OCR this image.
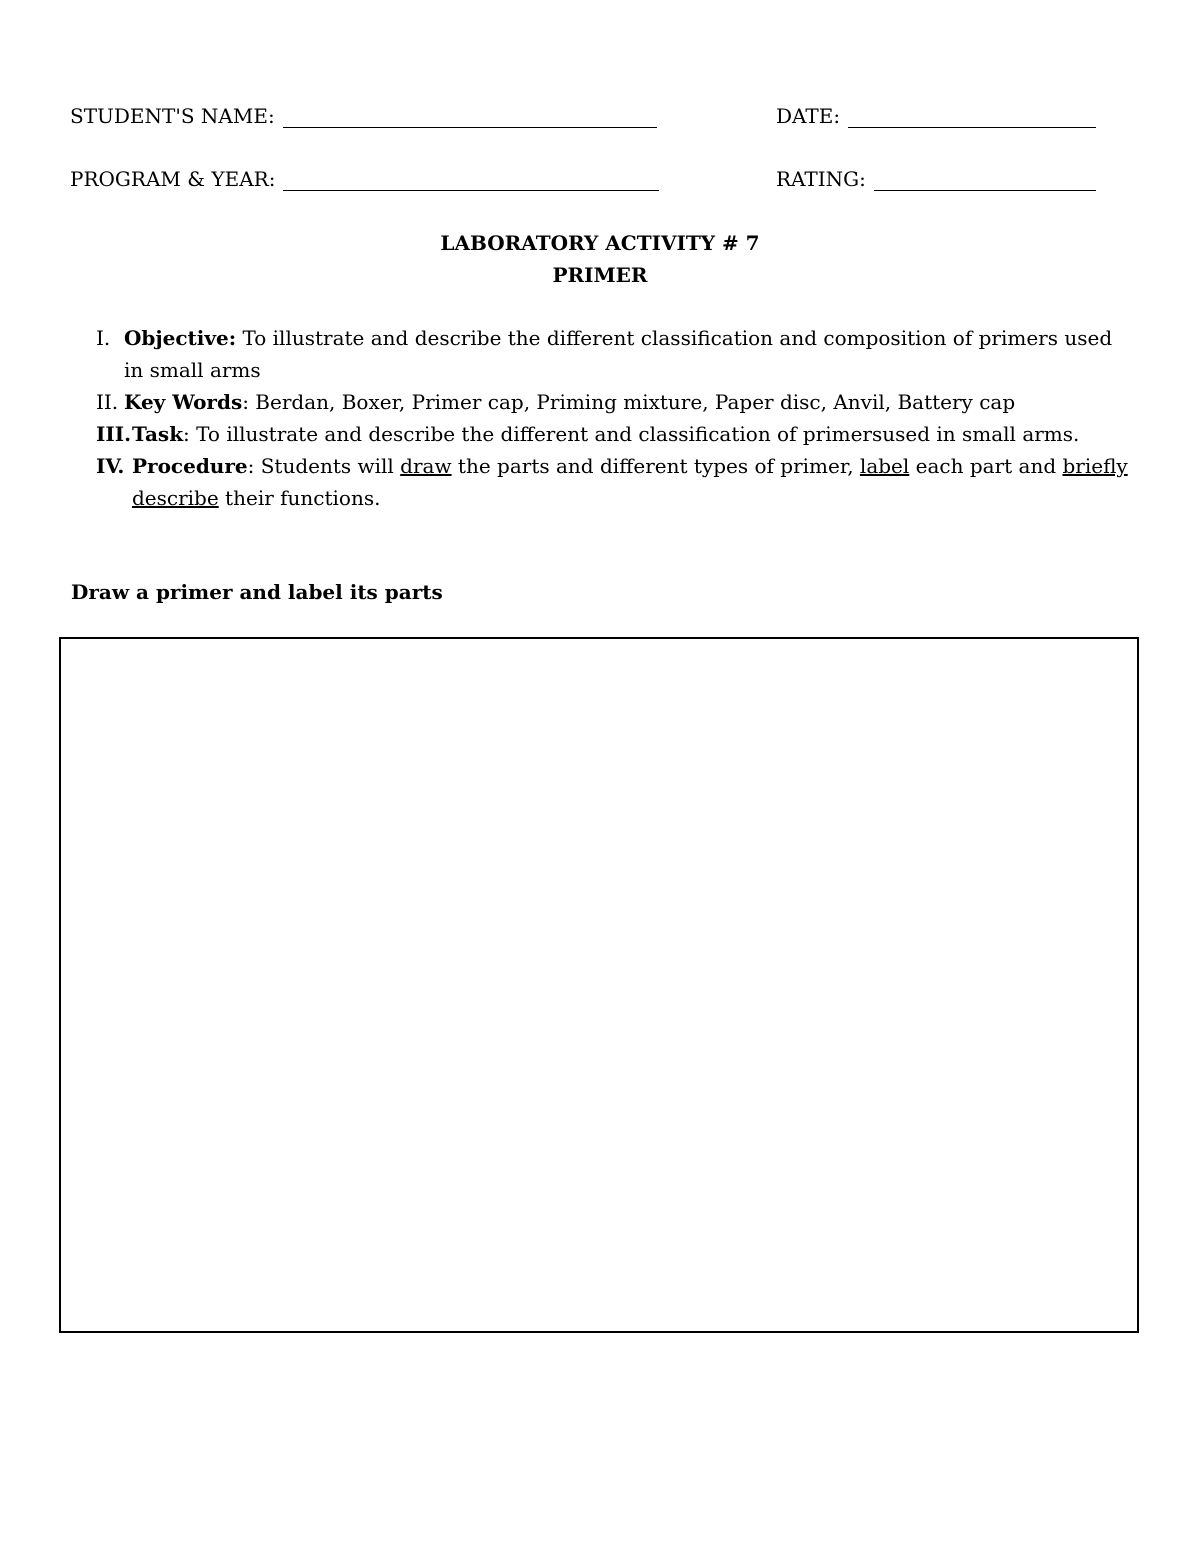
STUDENT'S NAME:	DATE:
PROGRAM & YEAR:	RATING:
LABORATORY ACTIVITY # 7
PRIMER
I. Objective: To illustrate and describe the different classification and composition of primers used in small arms
II. Key Words: Berdan, Boxer, Primer cap, Priming mixture, Paper disc, Anvil, Battery cap
III. Task: To illustrate and describe the different and classification of primersused in small arms.
IV. Procedure: Students will draw the parts and different types of primer, label each part and briefly describe their functions.
Draw a primer and label its parts
